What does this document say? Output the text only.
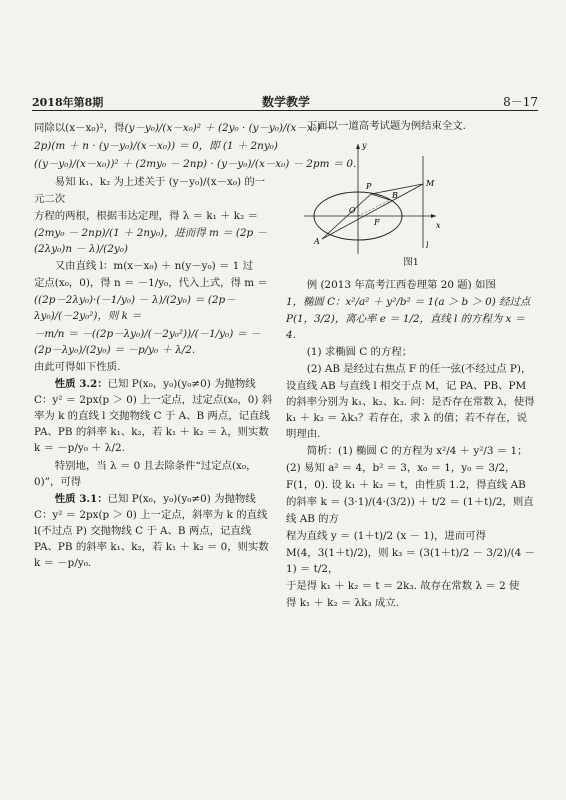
2018年第8期	数学教学	8－17
同除以(x－x₀)²，得(y－y₀)/(x－x₀)² ＋ (2y₀ · (y－y₀)/(x－x₀) －
2p)(m ＋ n · (y－y₀)/(x－x₀)) ＝ 0，即 (1 ＋ 2ny₀)
((y－y₀)/(x－x₀))² ＋ (2my₀ － 2np) · (y－y₀)/(x－x₀) － 2pm ＝ 0.
易知 k₁、k₂ 为上述关于 (y－y₀)/(x－x₀) 的一元二次
方程的两根，根据韦达定理，得 λ ＝ k₁ ＋ k₂ ＝
(2my₀ － 2np)/(1 ＋ 2ny₀)，进而得 m ＝ (2p － (2λy₀)n － λ)/(2y₀)
又由直线 l：m(x－x₀) ＋ n(y－y₀) ＝ 1 过
定点(x₀，0)，得 n ＝ －1/y₀，代入上式，得 m ＝
((2p－2λy₀)·(－1/y₀) － λ)/(2y₀) ＝ (2p－λy₀)/(－2y₀²)，则 k ＝
－m/n ＝ －((2p－λy₀)/(－2y₀²))/(－1/y₀) ＝ －(2p－λy₀)/(2y₀) ＝ －p/y₀ ＋ λ/2.
由此可得如下性质.
性质 3.2：已知 P(x₀，y₀)(y₀≠0) 为抛物线 C：y² ＝ 2px(p ＞ 0) 上一定点，过定点(x₀，0) 斜率为 k 的直线 l 交抛物线 C 于 A、B 两点，记直线 PA、PB 的斜率 k₁、k₂，若 k₁ ＋ k₂ ＝ λ，则实数 k ＝ －p/y₀ ＋ λ/2.
特别地，当 λ ＝ 0 且去除条件“过定点(x₀，0)”，可得
性质 3.1：已知 P(x₀，y₀)(y₀≠0) 为抛物线 C：y² ＝ 2px(p ＞ 0) 上一定点，斜率为 k 的直线 l(不过点 P) 交抛物线 C 于 A、B 两点，记直线 PA、PB 的斜率 k₁、k₂，若 k₁ ＋ k₂ ＝ 0，则实数 k ＝ －p/y₀.
下面以一道高考试题为例结束全文.
y
x
O
P
B
M
F
A	l
图1
例 (2013 年高考江西卷理第 20 题) 如图
1，椭圆 C：x²/a² ＋ y²/b² ＝ 1(a ＞ b ＞ 0) 经过点
P(1，3/2)，离心率 e ＝ 1/2，直线 l 的方程为 x ＝ 4.
(1) 求椭圆 C 的方程；
(2) AB 是经过右焦点 F 的任一弦(不经过点 P)，设直线 AB 与直线 l 相交于点 M，记 PA、PB、PM 的斜率分别为 k₁、k₂、k₃. 问：是否存在常数 λ，使得 k₁ ＋ k₂ ＝ λk₃？若存在，求 λ 的值；若不存在，说明理由.
简析：(1) 椭圆 C 的方程为 x²/4 ＋ y²/3 ＝ 1；
(2) 易知 a² ＝ 4，b² ＝ 3，x₀ ＝ 1，y₀ ＝ 3/2，
F(1，0). 设 k₁ ＋ k₂ ＝ t，由性质 1.2，得直线 AB
的斜率 k ＝ (3·1)/(4·(3/2)) ＋ t/2 ＝ (1＋t)/2，则直线 AB 的方
程为直线 y ＝ (1＋t)/2 (x － 1)，进而可得
M(4，3(1＋t)/2)，则 k₃ ＝ (3(1＋t)/2 － 3/2)/(4 － 1) ＝ t/2，
于是得 k₁ ＋ k₂ ＝ t ＝ 2k₃. 故存在常数 λ ＝ 2 使
得 k₁ ＋ k₂ ＝ λk₃ 成立.
